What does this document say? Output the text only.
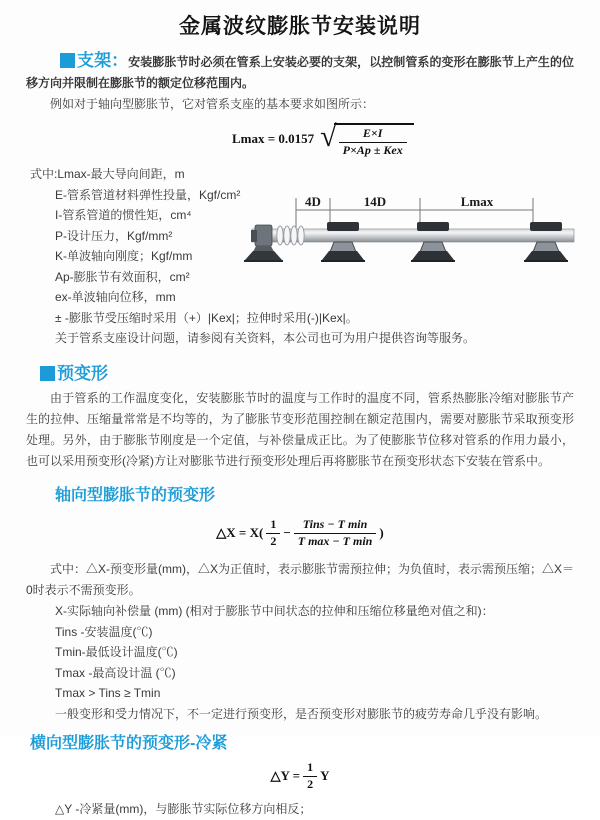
金属波纹膨胀节安装说明

支架：安装膨胀节时必须在管系上安装必要的支架，以控制管系的变形在膨胀节上产生的位移方向并限制在膨胀节的额定位移范围内。

例如对于轴向型膨胀节，它对管系支座的基本要求如图所示：

Lmax = 0.0157 √ $\frac{E\times I}{\text{P×Ap ± Kex}}$
式中:Lmax-最大导向间距，m
E-管系管道材料弹性投量，Kgf/cm²
I-管系管道的惯性矩，cm⁴
P-设计压力，Kgf/mm²
K-单波轴向刚度；Kgf/mm
Ap-膨胀节有效面积，cm²
ex-单波轴向位移，mm
± -膨胀节受压缩时采用（+）|Kex|；拉伸时采用(-)|Kex|。
关于管系支座设计问题，请参阅有关资料，本公司也可为用户提供咨询等服务。
4D	14D	Lmax
预变形

由于管系的工作温度变化，安装膨胀节时的温度与工作时的温度不同，管系热膨胀冷缩对膨胀节产生的拉伸、压缩量常常是不均等的，为了膨胀节变形范围控制在额定范围内，需要对膨胀节采取预变形处理。另外，由于膨胀节刚度是一个定值，与补偿量成正比。为了使膨胀节位移对管系的作用力最小，也可以采用预变形(冷紧)方让对膨胀节进行预变形处理后再将膨胀节在预变形状态下安装在管系中。

轴向型膨胀节的预变形
△X = $X( \frac{1}{2} - \frac{\text{Tins − T min}}{\text{T max − T min}}$ )

式中：△X-预变形量(mm)，△X为正值时，表示膨胀节需预拉伸；为负值时，表示需预压缩；△X＝0时表示不需预变形。

X-实际轴向补偿量 (mm) (相对于膨胀节中间状态的拉伸和压缩位移量绝对值之和)：
Tins -安装温度(℃)
Tmin-最低设计温度(℃)
Tmax -最高设计温 (℃)
Tmax > Tins ≥ Tmin
一般变形和受力情况下，不一定进行预变形，是否预变形对膨胀节的疲劳寿命几乎没有影响。
横向型膨胀节的预变形-冷紧
△Y = $\frac{1}{2}$ Y
△Y -冷紧量(mm)，与膨胀节实际位移方向相反；
